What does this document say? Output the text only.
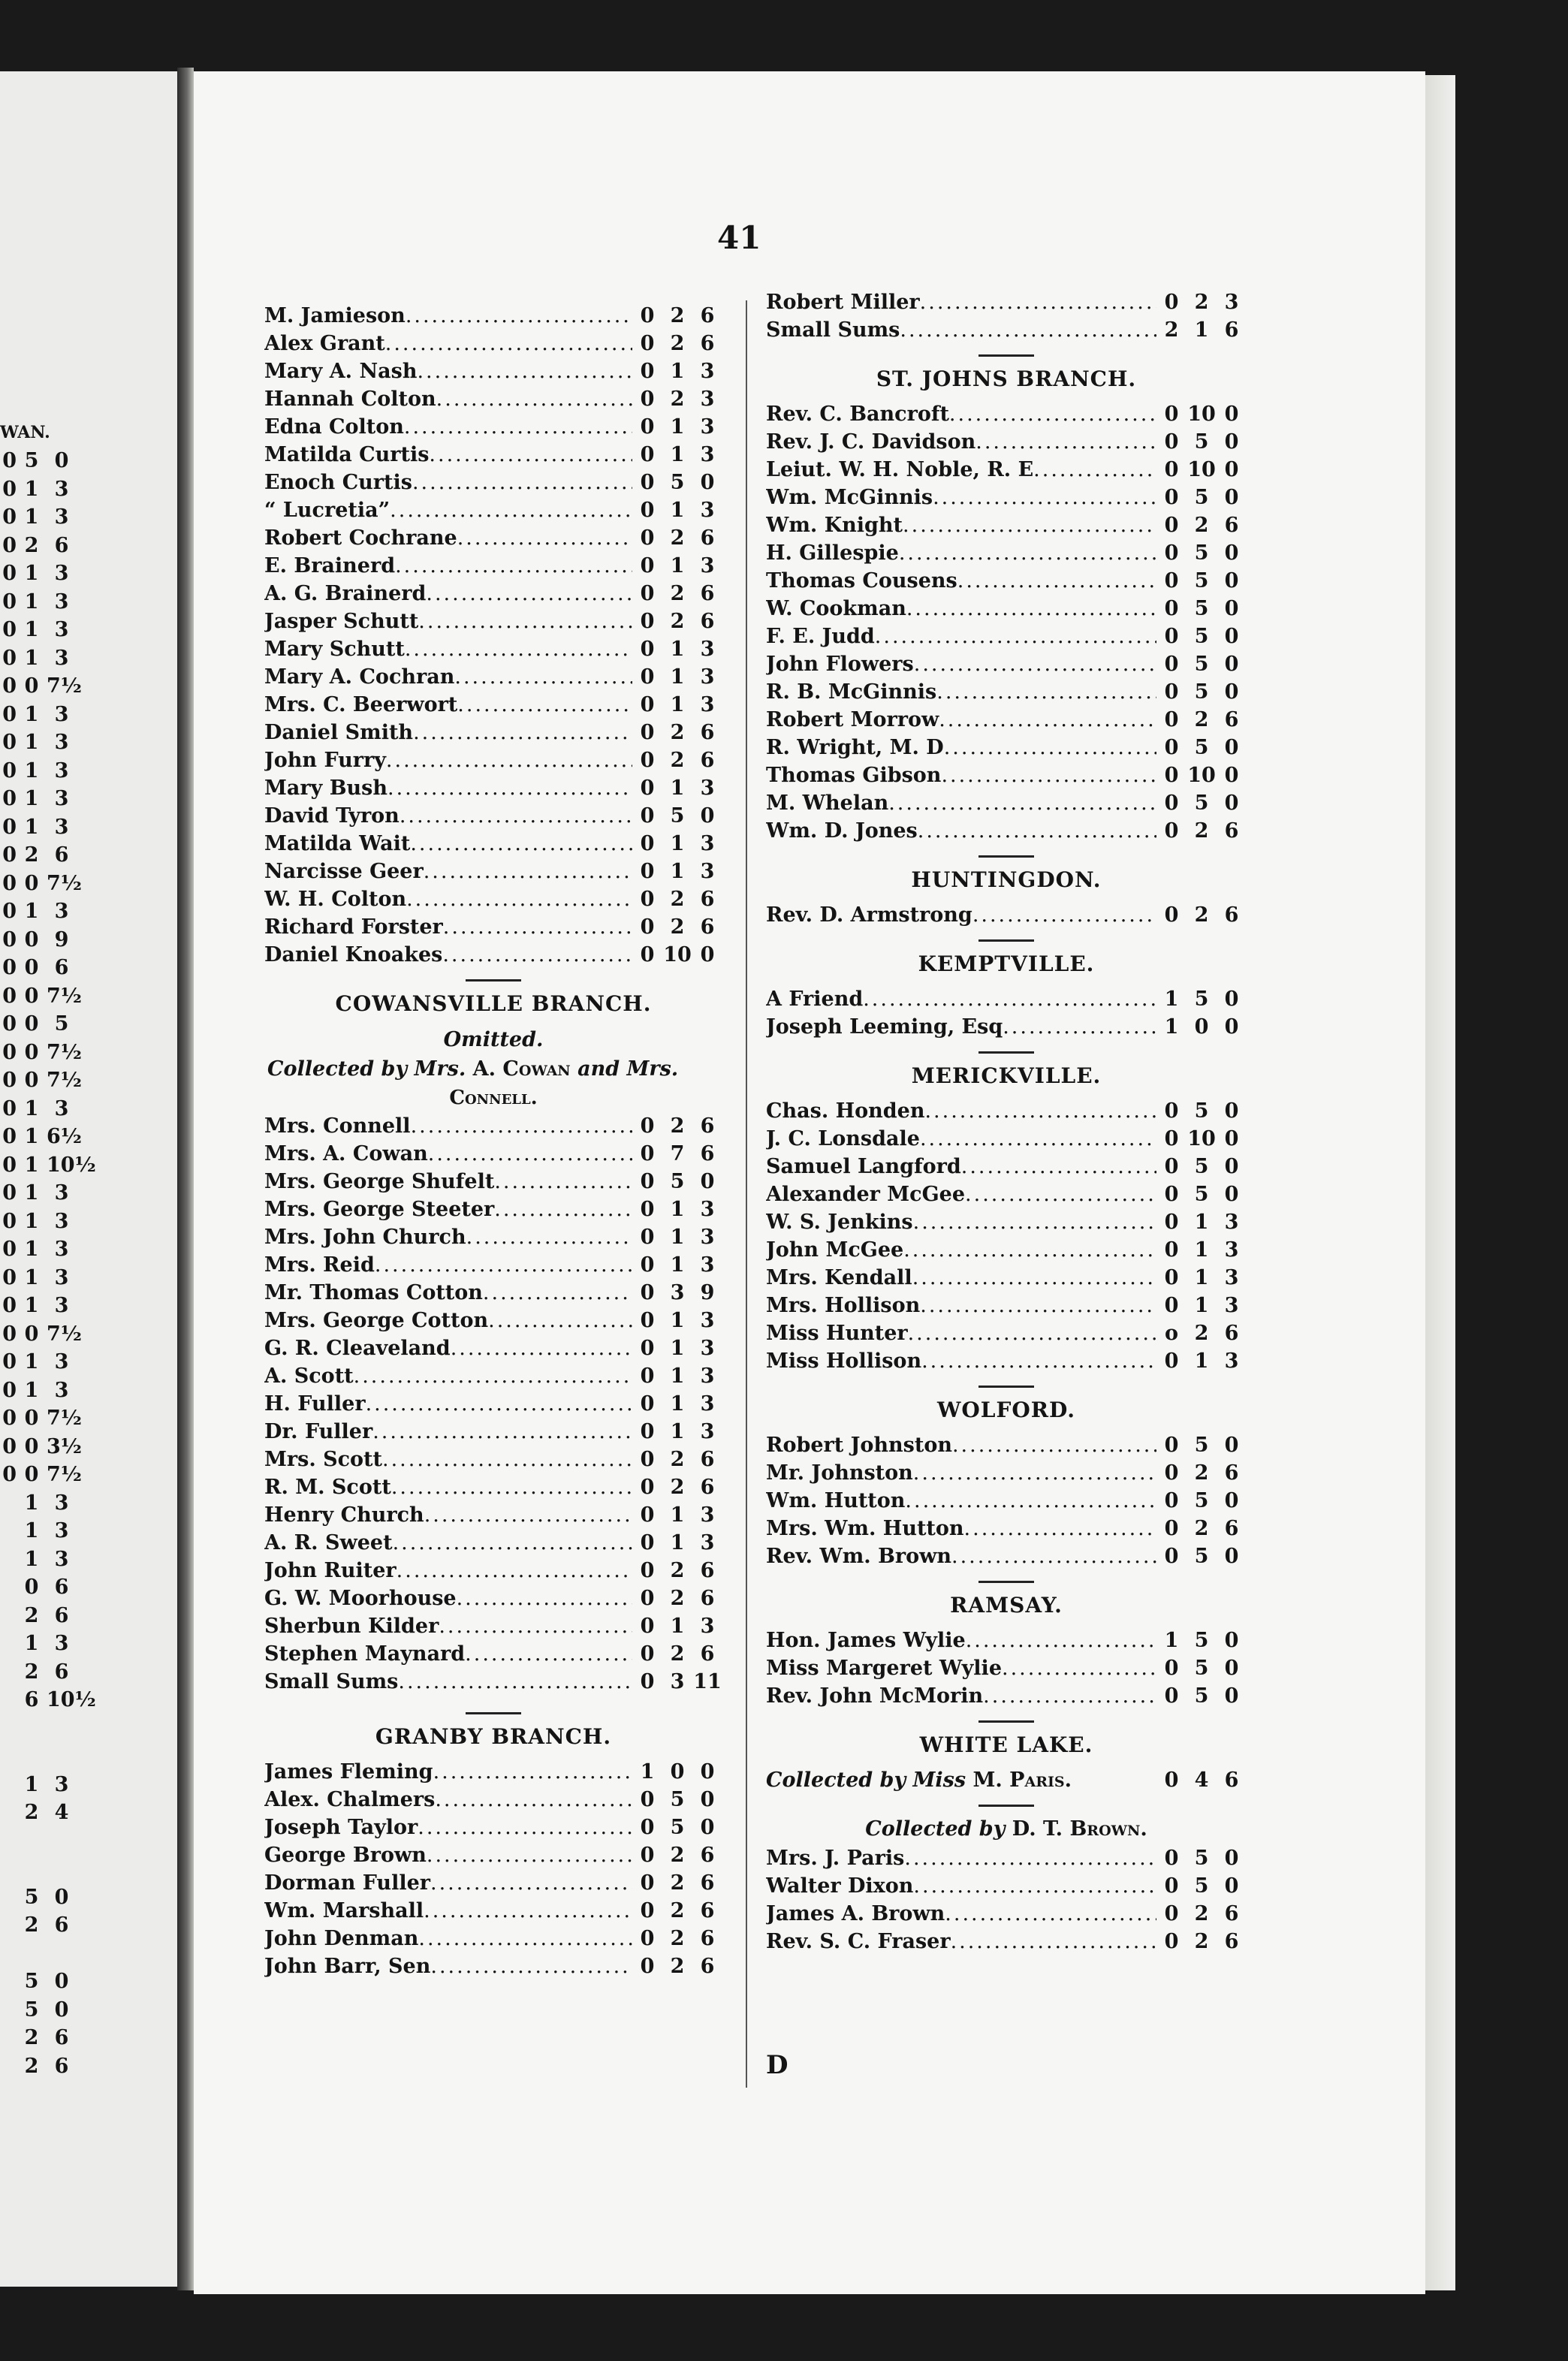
WAN.
0 5 0
0 1 3
0 1 3
0 2 6
0 1 3
0 1 3
0 1 3
0 1 3
0 0 7½
0 1 3
0 1 3
0 1 3
0 1 3
0 1 3
0 2 6
0 0 7½
0 1 3
0 0 9
0 0 6
0 0 7½
0 0 5
0 0 7½
0 0 7½
0 1 3
0 1 6½
0 1 10½
0 1 3
0 1 3
0 1 3
0 1 3
0 1 3
0 0 7½
0 1 3
0 1 3
0 0 7½
0 0 3½
0 0 7½
1 3
1 3
1 3
0 6
2 6
1 3
2 6
6 10½
1 3
2 4
5 0
2 6
5 0
5 0
2 6
2 6
41
M. Jamieson .....	0 2 6
Alex Grant .....	0 2 6
Mary A. Nash .....	0 1 3
Hannah Colton .....	0 2 3
Edna Colton .....	0 1 3
Matilda Curtis .....	0 1 3
Enoch Curtis .....	0 5 0
“ Lucretia” .....	0 1 3
Robert Cochrane .....	0 2 6
E. Brainerd .....	0 1 3
A. G. Brainerd .....	0 2 6
Jasper Schutt .....	0 2 6
Mary Schutt .....	0 1 3
Mary A. Cochran .....	0 1 3
Mrs. C. Beerwort .....	0 1 3
Daniel Smith .....	0 2 6
John Furry .....	0 2 6
Mary Bush .....	0 1 3
David Tyron .....	0 5 0
Matilda Wait .....	0 1 3
Narcisse Geer .....	0 1 3
W. H. Colton .....	0 2 6
Richard Forster .....	0 2 6
Daniel Knoakes .....	0 10 0
COWANSVILLE BRANCH.
Omitted.
Collected by Mrs. A. Cowan and Mrs.
Connell.
Mrs. Connell .....	0 2 6
Mrs. A. Cowan .....	0 7 6
Mrs. George Shufelt .....	0 5 0
Mrs. George Steeter .....	0 1 3
Mrs. John Church .....	0 1 3
Mrs. Reid .....	0 1 3
Mr. Thomas Cotton .....	0 3 9
Mrs. George Cotton .....	0 1 3
G. R. Cleaveland .....	0 1 3
A. Scott .....	0 1 3
H. Fuller .....	0 1 3
Dr. Fuller .....	0 1 3
Mrs. Scott .....	0 2 6
R. M. Scott .....	0 2 6
Henry Church .....	0 1 3
A. R. Sweet .....	0 1 3
John Ruiter .....	0 2 6
G. W. Moorhouse .....	0 2 6
Sherbun Kilder .....	0 1 3
Stephen Maynard .....	0 2 6
Small Sums .....	0 3 11
GRANBY BRANCH.
James Fleming .....	1 0 0
Alex. Chalmers .....	0 5 0
Joseph Taylor .....	0 5 0
George Brown .....	0 2 6
Dorman Fuller .....	0 2 6
Wm. Marshall .....	0 2 6
John Denman .....	0 2 6
John Barr, Sen .....	0 2 6
Robert Miller .....	0 2 3
Small Sums .....	2 1 6
ST. JOHNS BRANCH.
Rev. C. Bancroft .....	0 10 0
Rev. J. C. Davidson .....	0 5 0
Leiut. W. H. Noble, R. E .....	0 10 0
Wm. McGinnis .....	0 5 0
Wm. Knight .....	0 2 6
H. Gillespie .....	0 5 0
Thomas Cousens .....	0 5 0
W. Cookman .....	0 5 0
F. E. Judd .....	0 5 0
John Flowers .....	0 5 0
R. B. McGinnis .....	0 5 0
Robert Morrow .....	0 2 6
R. Wright, M. D .....	0 5 0
Thomas Gibson .....	0 10 0
M. Whelan .....	0 5 0
Wm. D. Jones .....	0 2 6
HUNTINGDON.
Rev. D. Armstrong .....	0 2 6
KEMPTVILLE.
A Friend .....	1 5 0
Joseph Leeming, Esq .....	1 0 0
MERICKVILLE.
Chas. Honden .....	0 5 0
J. C. Lonsdale .....	0 10 0
Samuel Langford .....	0 5 0
Alexander McGee .....	0 5 0
W. S. Jenkins .....	0 1 3
John McGee .....	0 1 3
Mrs. Kendall .....	0 1 3
Mrs. Hollison .....	0 1 3
Miss Hunter .....	o 2 6
Miss Hollison .....	0 1 3
WOLFORD.
Robert Johnston .....	0 5 0
Mr. Johnston .....	0 2 6
Wm. Hutton .....	0 5 0
Mrs. Wm. Hutton .....	0 2 6
Rev. Wm. Brown .....	0 5 0
RAMSAY.
Hon. James Wylie .....	1 5 0
Miss Margeret Wylie .....	0 5 0
Rev. John McMorin .....	0 5 0
WHITE LAKE.
Collected by Miss
M. Paris.	0 4 6
Collected by D. T. Brown.
Mrs. J. Paris .....	0 5 0
Walter Dixon .....	0 5 0
James A. Brown .....	0 2 6
Rev. S. C. Fraser .....	0 2 6
D
